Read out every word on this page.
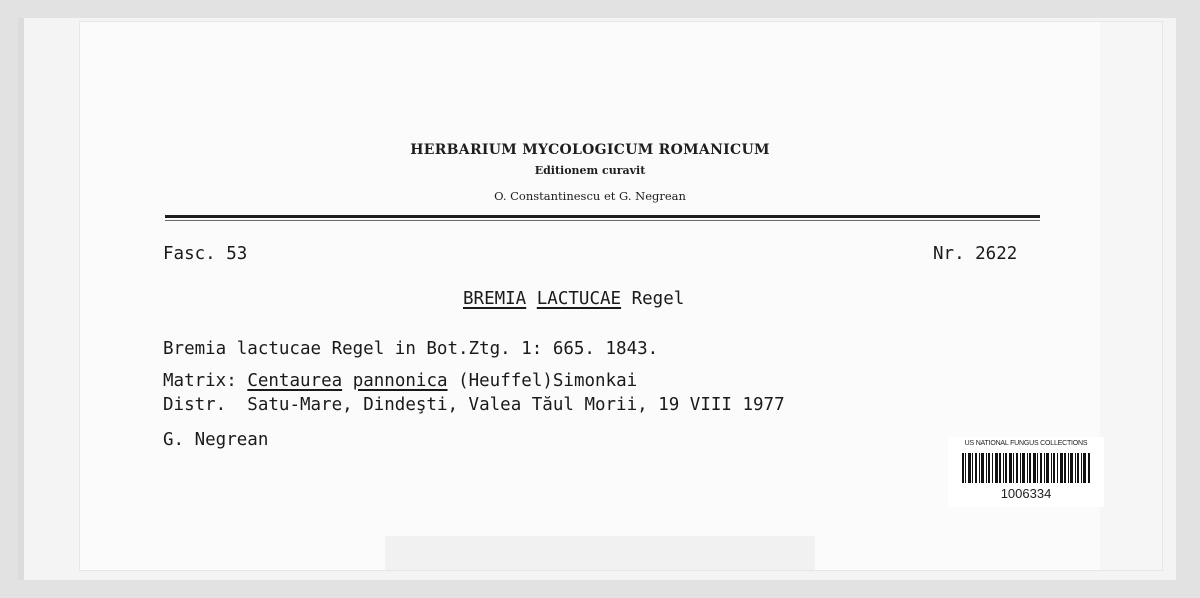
HERBARIUM MYCOLOGICUM ROMANICUM
Editionem curavit
O. Constantinescu et G. Negrean
Fasc. 53	Nr. 2622
BREMIA LACTUCAE Regel
Bremia lactucae Regel in Bot.Ztg. 1: 665. 1843.
Matrix: Centaurea pannonica (Heuffel)Simonkai
Distr. Satu-Mare, Dindeşti, Valea Tăul Morii, 19 VIII 1977
G. Negrean	US NATIONAL FUNGUS COLLECTIONS
1006334
